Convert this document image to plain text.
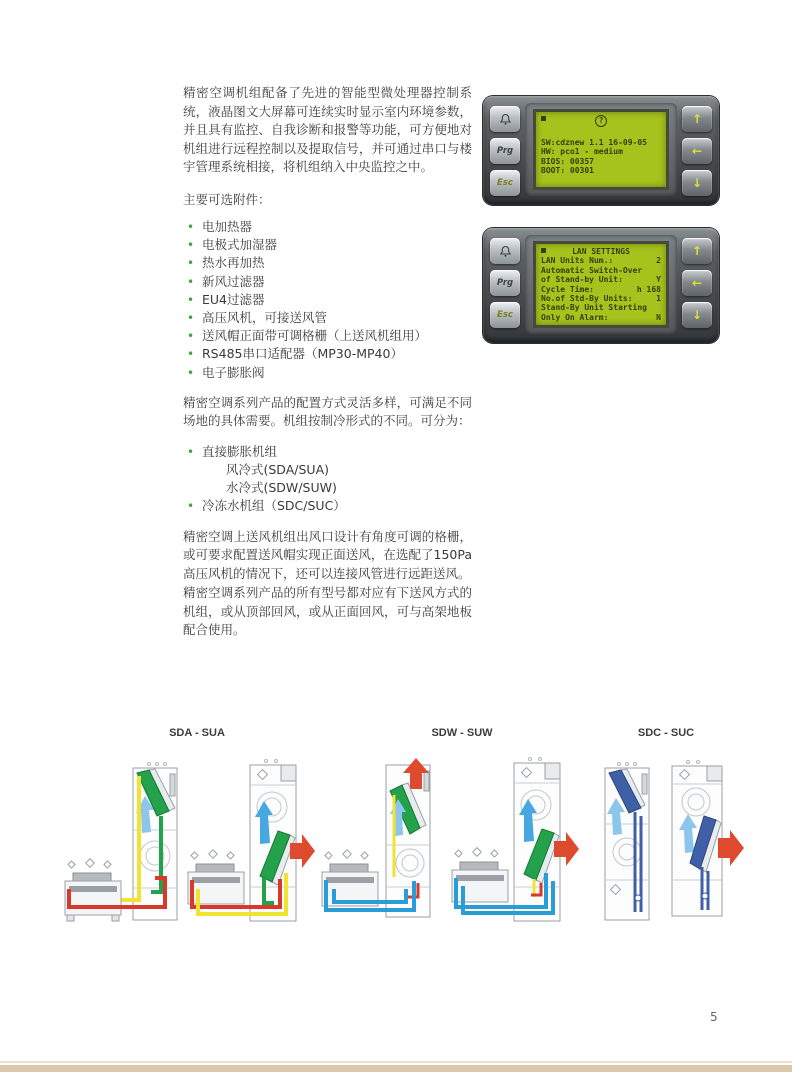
精密空调机组配备了先进的智能型微处理器控制系统，液晶图文大屏幕可连续实时显示室内环境参数，并且具有监控、自我诊断和报警等功能，可方便地对机组进行远程控制以及提取信号，并可通过串口与楼宇管理系统相接，将机组纳入中央监控之中。

主要可选附件：
• 电加热器
• 电极式加湿器
• 热水再加热
• 新风过滤器
• EU4过滤器
• 高压风机，可接送风管
• 送风帽正面带可调格栅（上送风机组用）
• RS485串口适配器（MP30-MP40）
• 电子膨胀阀

精密空调系列产品的配置方式灵活多样，可满足不同场地的具体需要。机组按制冷形式的不同。可分为：

• 直接膨胀机组
风冷式(SDA/SUA)
水冷式(SDW/SUW)
• 冷冻水机组（SDC/SUC）

精密空调上送风机组出风口设计有角度可调的格栅，或可要求配置送风帽实现正面送风，在选配了150Pa高压风机的情况下，还可以连接风管进行远距送风。

精密空调系列产品的所有型号都对应有下送风方式的机组，或从顶部回风，或从正面回风，可与高架地板配合使用。

?
SW:cdznew 1.1 16-09-05
HW: pco1 - medium
BIOS: 00357
BOOT: 00301
Prg
Esc
↑
←
↓
LAN SETTINGS
LAN Units Num.:	2
Automatic Switch-Over
of Stand-by Unit:	Y
Cycle Time:	h 168
No.of Std-By Units:	1
Stand-By Unit Starting
Only On Alarm:	N
Prg
Esc
↑
←
↓
SDA - SUA	SDW - SUW	SDC - SUC
5
